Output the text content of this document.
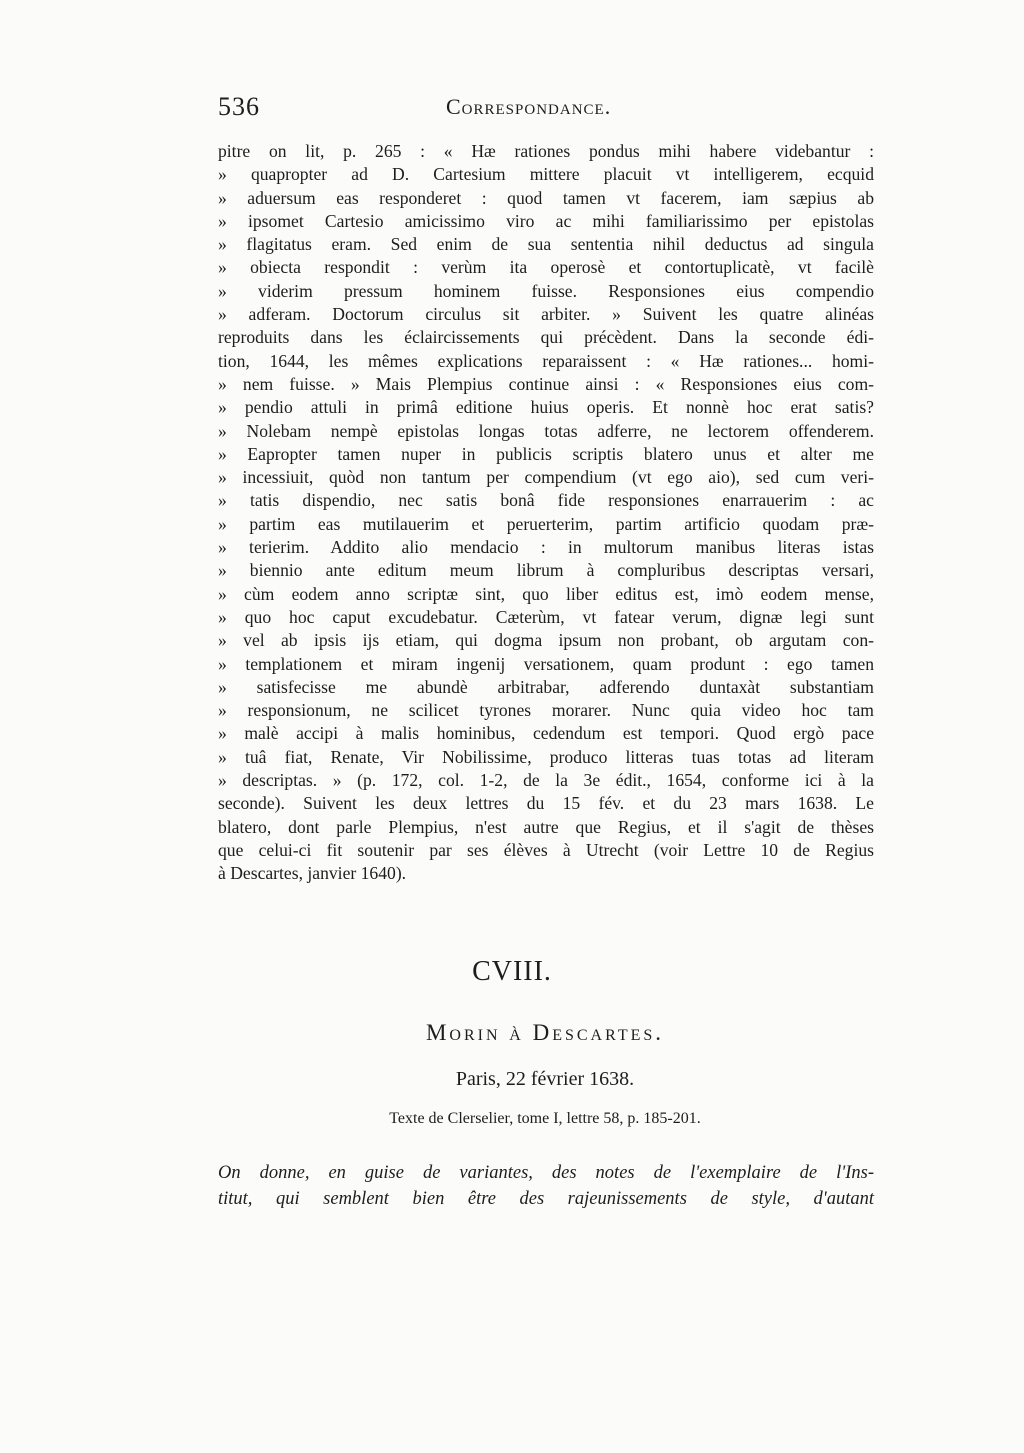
536	Correspondance.
pitre on lit, p. 265 : « Hæ rationes pondus mihi habere videbantur :
» quapropter ad D. Cartesium mittere placuit vt intelligerem, ecquid
» aduersum eas responderet : quod tamen vt facerem, iam sæpius ab
» ipsomet Cartesio amicissimo viro ac mihi familiarissimo per epistolas
» flagitatus eram. Sed enim de sua sententia nihil deductus ad singula
» obiecta respondit : verùm ita operosè et contortuplicatè, vt facilè
» viderim pressum hominem fuisse. Responsiones eius compendio
» adferam. Doctorum circulus sit arbiter. » Suivent les quatre alinéas
reproduits dans les éclaircissements qui précèdent. Dans la seconde édi-
tion, 1644, les mêmes explications reparaissent : « Hæ rationes... homi-
» nem fuisse. » Mais Plempius continue ainsi : « Responsiones eius com-
» pendio attuli in primâ editione huius operis. Et nonnè hoc erat satis?
» Nolebam nempè epistolas longas totas adferre, ne lectorem offenderem.
» Eapropter tamen nuper in publicis scriptis blatero unus et alter me
» incessiuit, quòd non tantum per compendium (vt ego aio), sed cum veri-
» tatis dispendio, nec satis bonâ fide responsiones enarrauerim : ac
» partim eas mutilauerim et peruerterim, partim artificio quodam præ-
» terierim. Addito alio mendacio : in multorum manibus literas istas
» biennio ante editum meum librum à compluribus descriptas versari,
» cùm eodem anno scriptæ sint, quo liber editus est, imò eodem mense,
» quo hoc caput excudebatur. Cæterùm, vt fatear verum, dignæ legi sunt
» vel ab ipsis ijs etiam, qui dogma ipsum non probant, ob argutam con-
» templationem et miram ingenij versationem, quam produnt : ego tamen
» satisfecisse me abundè arbitrabar, adferendo duntaxàt substantiam
» responsionum, ne scilicet tyrones morarer. Nunc quia video hoc tam
» malè accipi à malis hominibus, cedendum est tempori. Quod ergò pace
» tuâ fiat, Renate, Vir Nobilissime, produco litteras tuas totas ad literam
» descriptas. » (p. 172, col. 1-2, de la 3e édit., 1654, conforme ici à la
seconde). Suivent les deux lettres du 15 fév. et du 23 mars 1638. Le
blatero, dont parle Plempius, n'est autre que Regius, et il s'agit de thèses
que celui-ci fit soutenir par ses élèves à Utrecht (voir Lettre 10 de Regius
à Descartes, janvier 1640).
CVIII.
Morin à Descartes.
Paris, 22 février 1638.
Texte de Clerselier, tome I, lettre 58, p. 185-201.
On donne, en guise de variantes, des notes de l'exemplaire de l'Ins-
titut, qui semblent bien être des rajeunissements de style, d'autant
